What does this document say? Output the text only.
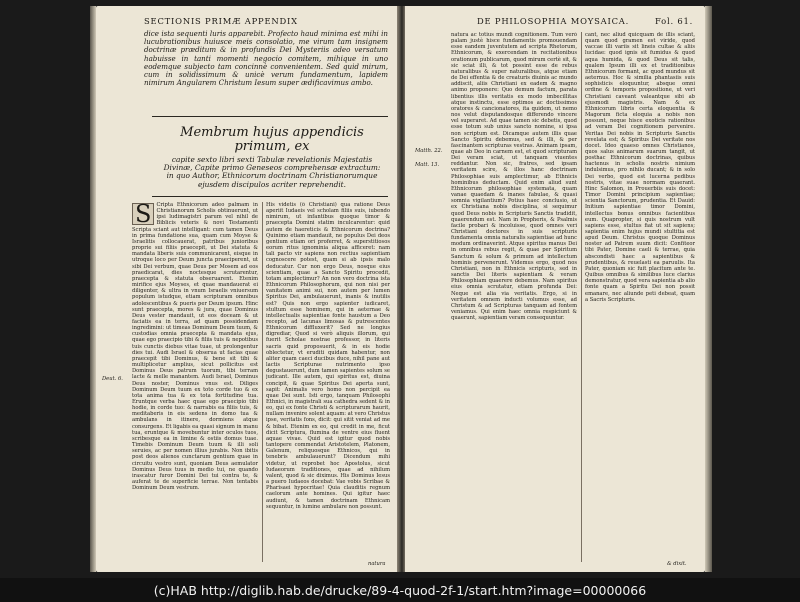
SECTIONIS PRIMÆ APPENDIX
dice ista sequenti luris apparebit. Profecto haud minima est mihi in lucubrationibus huiusce meis consolatio, me virum tam insignem doctrinæ præditum & in profundis Dei Mysteriis adeo versatum habuisse in tanti momenti negocio comitem, mihique in uno eodemque subjecto tam concinnè convenientem. Sed quid mirum, cum in solidissimum & unicè verum fundamentum, lapidem nimirum Angularem Christum Iesum super ædificavimus ambo.
Membrum hujus appendicis primum, ex
capite sexto libri sexti Tabulæ revelationis Majestatis Divinæ, Capite primo Geneseos comprehensæ extractum: in quo Author, Ethnicorum doctrinam Christianorumque ejusdem discipulos acriter reprehendit.
S Cripta Ethnicorum adeo palmam in Christianorum Scholis obtinuerunt, ut ipsi ludimagistri parum vel nihil de Biblicis veteris & novi Testamenti Scripta sciant aut intelligant: cum tamen Deus in prima fundatione sua, quam cum Moyse & Israelitis collocauerat, patribus junioribus proprie sui filiis praecepit, ut Dei statuta & mandata liberis suis communicarent, eisque in utroque loco per Deum juncta praeciperent, ut sibi Dei verbum, quae Deus per Mosem ad eos praedicarat, dies noctesque scrutarentur, praecepta & statuta obseruarent. Etenim mirifice ejus Moyses, et quae mandauerat ei diligenter, & ultra in vnum Israelis vniuersum populum istudque, etiam scripturam omnibus adolescentibus & pueris per Deum ipsum. Hinc sunt praecepta, mores & jura, quae Dominus Deus vester mandauit, ut eos doceam & ut faciatis ea in terra, ad quam possidendam ingredimini: ut timeas Dominum Deum tuum, & custodias omnia praecepta & mandata ejus, quae ego praecipio tibi & filiis tuis & nepotibus tuis cunctis diebus vitae tuae, ut prolongentur dies tui. Audi Israel & obserua ut facias quae praecepit tibi Dominus, & bene sit tibi & multiplicetur amplius, sicut pollicitus est Dominus Deus patrum tuorum, tibi terram lacte & melle manantem. Audi Israel, Dominus Deus noster, Dominus vnus est. Diliges Dominum Deum tuum ex toto corde tuo & ex tota anima tua & ex tota fortitudine tua. Eruntque verba haec quae ego praecipio tibi hodie, in corde tuo: & narrabis ea filiis tuis, & meditaberis in eis sedens in domo tua & ambulans in itinere, dormiens atque consurgens. Et ligabis ea quasi signum in manu tua, eruntque & movebuntur inter oculos tuos, scribesque ea in limine & ostiis domus tuae. Timebis Dominum Deum tuum & illi soli seruies, ac per nomen illius jurabis. Non ibitis post deos alienos cunctarum gentium quae in circuitu vestro sunt, quoniam Deus aemulator Dominus Deus tuus in medio tui, ne quando irascatur furor Domini Dei tui contra te, & auferat te de superficie terrae. Non tentabis Dominum Deum vestrum.
His videtis (ô Christiani) qua ratione Deus aperiit Iudaeis vel scholam filiis suis, iubendo nimirum, ut infantibus quoque timor & praecepta Domini statim inculcarentur: quid autem de haereticis & Ethnicorum doctrina? Quinimo etiam mandauit, ne populus Dei deos gentium etiam ori proferret, & superstitiosos eorum ritus ignominia aliqua afficeret: nam tali pacto vir sapiens non rectius sapientiam cognoscere potest, quam si ab ipsis malo deducatur. Cur non ergo Deus, nosque eius scientiam, quae a Sancto Spiritu procedit, totam amplectimur? An non vero doctrina ista Ethnicorum Philosophorum, qui non nisi per vanitatem animi sui, non autem per lumen Spiritus Dei, ambulauerunt, inanis & inutilis est? Quis non ergo sapienter iudicaret, stultum esse hominem, qui in aeternae & intellectualis sapientiae fonte haustum a Deo recepto, ad lacunas limosas & putrescentes Ethnicorum diffluxerit? Sed ne longius digrediar, Quod si verò aliquis illorum, qui fuerit Scholae nostrae professor, in literis sacris quid proposuerit, & in eis hodie oblectetur, vt eruditi quidam habentur, non aliter quam caeci ducibus duce, nihil pane aut lactis Scripturae nutrimento ipso degustauerunt, dum tamen sapientes solum se judicant. Ille autem, qui spiritus est, diuina concipit, & quae Spiritus Dei aperta sunt, sapit: Animalis vero homo non percipit ea quae Dei sunt. Isti ergo, tanquam Philosophi Ethnici, in magistrali sua cathedra sedent & in eo, qui ex fonte Christi & scripturarum haurit, nullam invenire solent aquam: at vero Christus ipse, veritatis fons, dicit: qui sitit veniat ad me & bibat. Etenim ex eo, qui credit in me, ficut dicit Scriptura, flumina de ventre eius fluent aquae vivae. Quid est igitur quod nobis tantopere commendat Aristotelem, Platonem, Galenum, reliquosque Ethnicos, qui in tenebris ambulauerunt? Dicendum mihi videtur, ut reprobet hoc Apostolus, sicut Iudaeorum traditiones, quae ad nihilum valent, quod & sic diximus. His Dominus Iesus a puero Iudaeos docebat: Vae vobis Scribae & Pharisaei hypocritae! Quia clauditis regnum caelorum ante homines. Qui igitur haec audiunt, & tamen doctrinam Ethnicam sequuntur, in lumine ambulare non possunt.
Deut. 6.
natura
DE PHILOSOPHIA MOYSAICA.	Fol. 61.
Matth. 22.
Matt. 13.
natura ac totius mundi cognitionem. Tum verò palam justè hisce fundamentis promouendam esse eandem juventutem ad scripta Rhetorum, Ethnicorum, & exercendam in recitationibus orationum publicarum, quod mirum certè sit, & sic sciat illi, & tot possint esse de rebus naturalibus & super naturalibus, atque etiam de Dei effentia & de creaturis diuinis ac mundo addiscit, aliis Christiani ex eadem & magno animo proponere: Quo demum factum, parata libentius illis veritatis ex modo imbecillitas atque instinctu, esse optimos ac doctissimos oratores & cancionatores, ita quidem, ut nemo nos velut disputandosque differendo vincere vel superaret. Ad quae tamen sic debetis, quod esse totum sub unius sancto nomine, si ipsa non scriptum est. Dicamque autem illis quae Sancto Spiritu debemus, sed & illi, & per fascinantem scripturas vestras. Animam ipsam, quae ab Deo in carnem est, et quod scripturam Dei veram sciat, ut tanquam viuentes reddantur. Non sic, fratres, sed ipsam veritatem scire, & illos hanc doctrinam Philosophiae suis amplectimur, ab Ethnicis hominibus deductam. Quid enim aliud sunt Ethnicorum philosophiae systemata, quam vanae quaedam & inanes fabulae, & quasi somnia vigilantium? Potius haec conclusio, ut ex Christiana nobis disciplina, si sequimur quod Deus nobis in Scripturis Sanctis tradidit, quaerendum est. Nam in Propheris, & Psalmis facile probari & incoluisse, quod omnes veri Christiani doctores in suis scripturis fundamenta omnia naturalis sapientiae ad hunc modum ordinaverint. Atque spiritus manus Dei in omnibus rebus regit, & quae per Spiritum Sanctum & solum & primum ad intellectum hominis pervenerunt. Videmus ergo, quod nos Christiani, non in Ethnicis scripturis, sed in sanctis Dei literis sapientiam & veram Philosophiam quaerere debemus. Nam spiritus eius omnia scrutatur, etiam profunda Dei: Neque est alia via veritatis. Ergo, si in veritatem omnem inducti volumus esse, ad Christum & ad Scripturas tanquam ad fontem veniamus. Qui enim haec omnia respiciunt & quaerunt, sapientiam veram consequuntur.
cant, nec aliud quicquam de illis sciant, quam quod gramen est viride, quod vaccae illi variis sit lineis cultae & aliis lucidae: quod ignis sit fumidus & quod aqua humida, & quod Deus sit talis, qualem Ipsum illi ex et traditionibus Ethnicorum formant, ac quod mundus sit aeternus. Hoc & similia phantasiis suis sophisticis eloquuntur, absque omni ordine & temporis propositione, ut veri Christiani caveant valeantque sibi ab ejusmodi magistris. Nam & ex Ethnicorum libris certa eloquentia & Magorum ficta eloquia a nobis non possunt, neque hisce exoticis rationibus ad veram Dei cognitionem pervenire. Veritas Dei nobis in Scripturis Sanctis revelata est; & Spiritus Dei veritate nos docet. Ideo quaeso omnes Christianos, quos salus animarum suarum tangit, ut posthac Ethnicorum doctrinas, quibus hactenus in scholis nostris nimium indulsimus, pro nihilo ducant; & in solo Dei verbo, quod est lucerna pedibus nostris, vitae suae normam quaerant. Hinc Salomon, in Prouerbiis suis docet: Timor Domini principium sapientiae; scientia Sanctorum, prudentia. Et Dauid: Initium sapientiae timor Domini, intellectus bonus omnibus facientibus eum. Quapropter, si quis nostrum vult sapiens esse, stultus fiat ut sit sapiens; sapientia enim hujus mundi stultitia est apud Deum. Christus quoque Dominus noster ad Patrem suum dicit: Confiteor tibi Pater, Domine caeli & terrae, quia abscondisti haec a sapientibus & prudentibus, & reuelasti ea paruulis. Ita Pater, quoniam sic fuit placitum ante te. Quibus omnibus & similibus luce clarius demonstratur, quod vera sapientia ab alio fonte quam a Spiritu Dei non possit emanare, nec aliunde peti debeat, quam a Sacris Scripturis.
& dixit.
(c)HAB http://diglib.hab.de/drucke/89-4-quod-2f-1/start.htm?image=00000066
